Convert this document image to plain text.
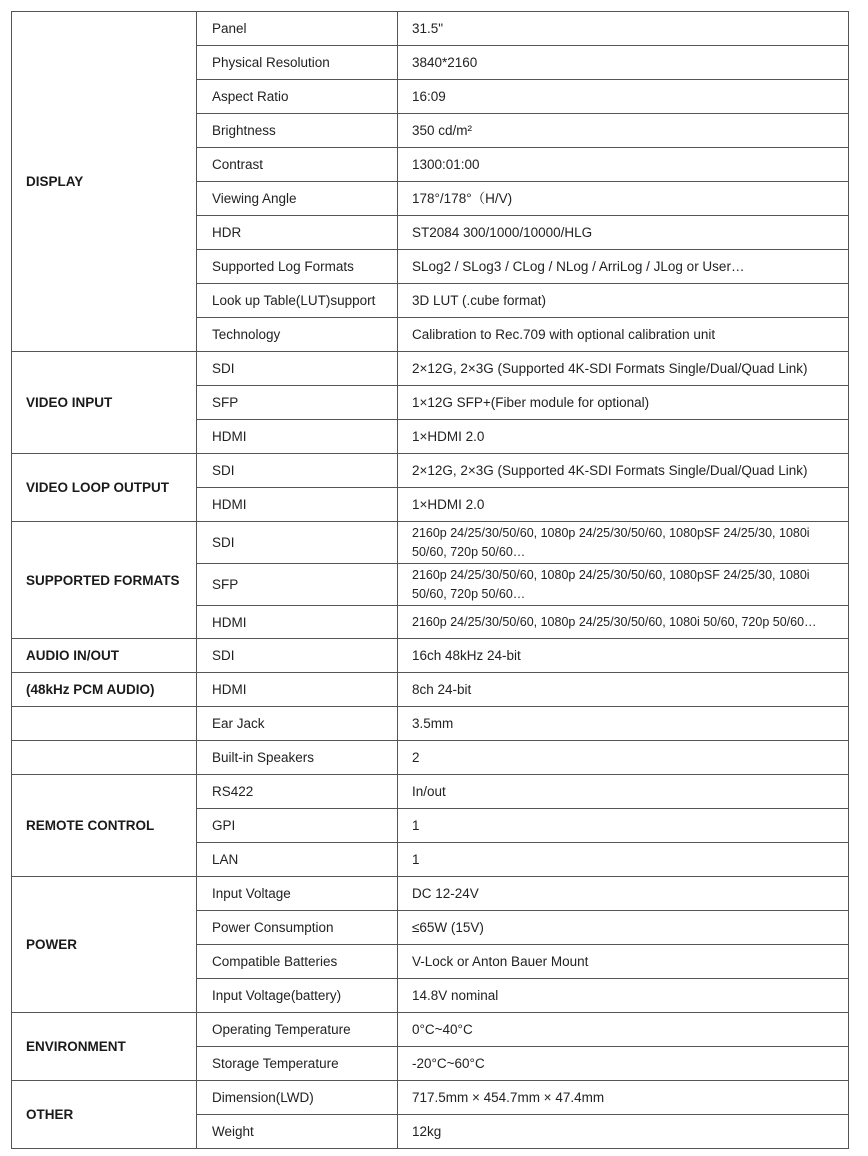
DISPLAY	Panel	31.5"
	Physical Resolution	3840*2160
	Aspect Ratio	16:09
	Brightness	350 cd/m²
	Contrast	1300:01:00
	Viewing Angle	178°/178°（H/V)
	HDR	ST2084 300/1000/10000/HLG
	Supported Log Formats	SLog2 / SLog3 / CLog / NLog / ArriLog / JLog or User…
	Look up Table(LUT)support	3D LUT (.cube format)
	Technology	Calibration to Rec.709 with optional calibration unit
VIDEO INPUT	SDI	2×12G, 2×3G (Supported 4K-SDI Formats Single/Dual/Quad Link)
	SFP	1×12G SFP+(Fiber module for optional)
	HDMI	1×HDMI 2.0
VIDEO LOOP OUTPUT	SDI	2×12G, 2×3G (Supported 4K-SDI Formats Single/Dual/Quad Link)
	HDMI	1×HDMI 2.0
SUPPORTED FORMATS	SDI	2160p 24/25/30/50/60, 1080p 24/25/30/50/60, 1080pSF 24/25/30, 1080i 50/60, 720p 50/60…
	SFP	2160p 24/25/30/50/60, 1080p 24/25/30/50/60, 1080pSF 24/25/30, 1080i 50/60, 720p 50/60…
	HDMI	2160p 24/25/30/50/60, 1080p 24/25/30/50/60, 1080i 50/60, 720p 50/60…
AUDIO IN/OUT	SDI	16ch 48kHz 24-bit
(48kHz PCM AUDIO)	HDMI	8ch 24-bit
	Ear Jack	3.5mm
	Built-in Speakers	2
REMOTE CONTROL	RS422	In/out
	GPI	1
	LAN	1
POWER	Input Voltage	DC 12-24V
	Power Consumption	≤65W (15V)
	Compatible Batteries	V-Lock or Anton Bauer Mount
	Input Voltage(battery)	14.8V nominal
ENVIRONMENT	Operating Temperature	0°C~40°C
	Storage Temperature	-20°C~60°C
OTHER	Dimension(LWD)	717.5mm × 454.7mm × 47.4mm
	Weight	12kg
